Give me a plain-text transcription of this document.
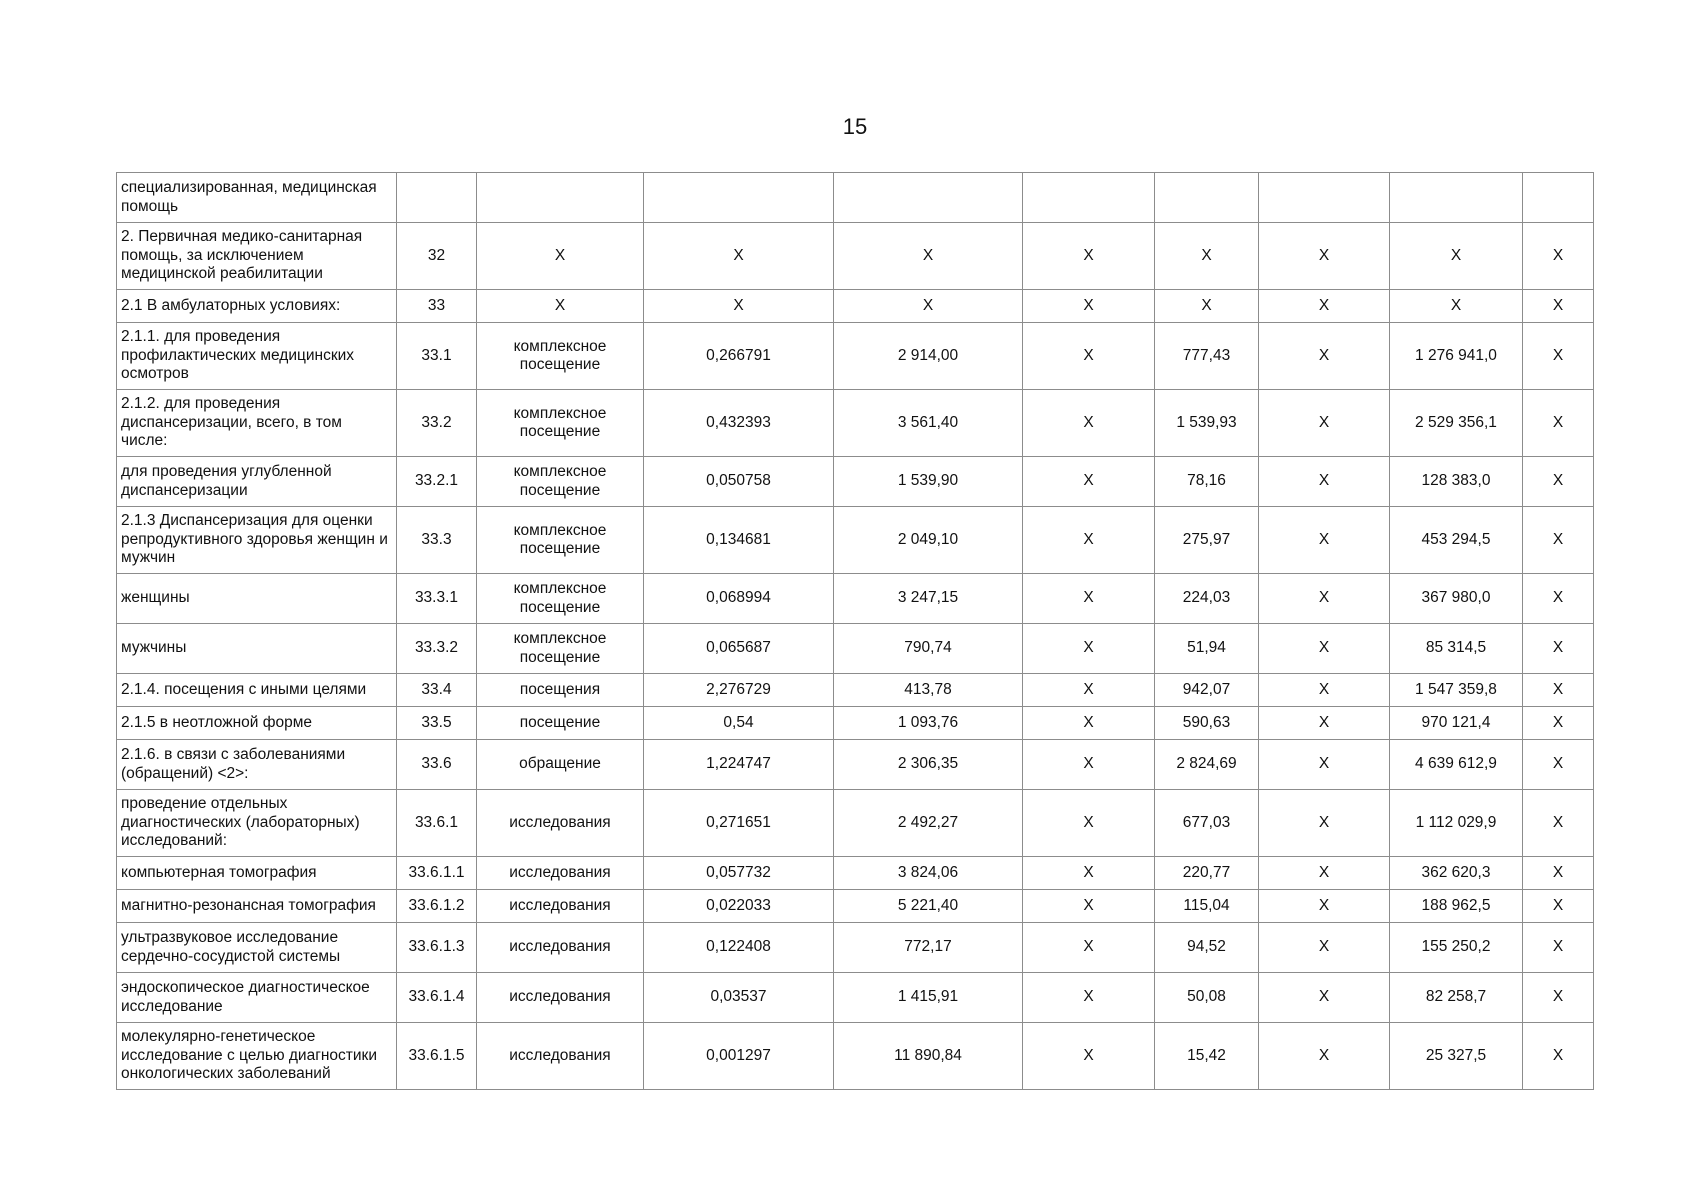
15
специализированная, медицинская помощь									
2. Первичная медико-санитарная помощь, за исключением медицинской реабилитации	32	Х	Х	Х	Х	Х	Х	Х	Х
2.1 В амбулаторных условиях:	33	Х	Х	Х	Х	Х	Х	Х	Х
2.1.1. для проведения профилактических медицинских осмотров	33.1	комплексное посещение	0,266791	2 914,00	Х	777,43	Х	1 276 941,0	Х
2.1.2. для проведения диспансеризации, всего, в том числе:	33.2	комплексное посещение	0,432393	3 561,40	Х	1 539,93	Х	2 529 356,1	Х
для проведения углубленной диспансеризации	33.2.1	комплексное посещение	0,050758	1 539,90	Х	78,16	Х	128 383,0	Х
2.1.3 Диспансеризация для оценки репродуктивного здоровья женщин и мужчин	33.3	комплексное посещение	0,134681	2 049,10	Х	275,97	Х	453 294,5	Х
женщины	33.3.1	комплексное посещение	0,068994	3 247,15	Х	224,03	Х	367 980,0	Х
мужчины	33.3.2	комплексное посещение	0,065687	790,74	Х	51,94	Х	85 314,5	Х
2.1.4. посещения с иными целями	33.4	посещения	2,276729	413,78	Х	942,07	Х	1 547 359,8	Х
2.1.5 в неотложной форме	33.5	посещение	0,54	1 093,76	Х	590,63	Х	970 121,4	Х
2.1.6. в связи с заболеваниями (обращений) <2>:	33.6	обращение	1,224747	2 306,35	Х	2 824,69	Х	4 639 612,9	Х
проведение отдельных диагностических (лабораторных) исследований:	33.6.1	исследования	0,271651	2 492,27	Х	677,03	Х	1 112 029,9	Х
компьютерная томография	33.6.1.1	исследования	0,057732	3 824,06	Х	220,77	Х	362 620,3	Х
магнитно-резонансная томография	33.6.1.2	исследования	0,022033	5 221,40	Х	115,04	Х	188 962,5	Х
ультразвуковое исследование сердечно-сосудистой системы	33.6.1.3	исследования	0,122408	772,17	Х	94,52	Х	155 250,2	Х
эндоскопическое диагностическое исследование	33.6.1.4	исследования	0,03537	1 415,91	Х	50,08	Х	82 258,7	Х
молекулярно-генетическое исследование с целью диагностики онкологических заболеваний	33.6.1.5	исследования	0,001297	11 890,84	Х	15,42	Х	25 327,5	Х
